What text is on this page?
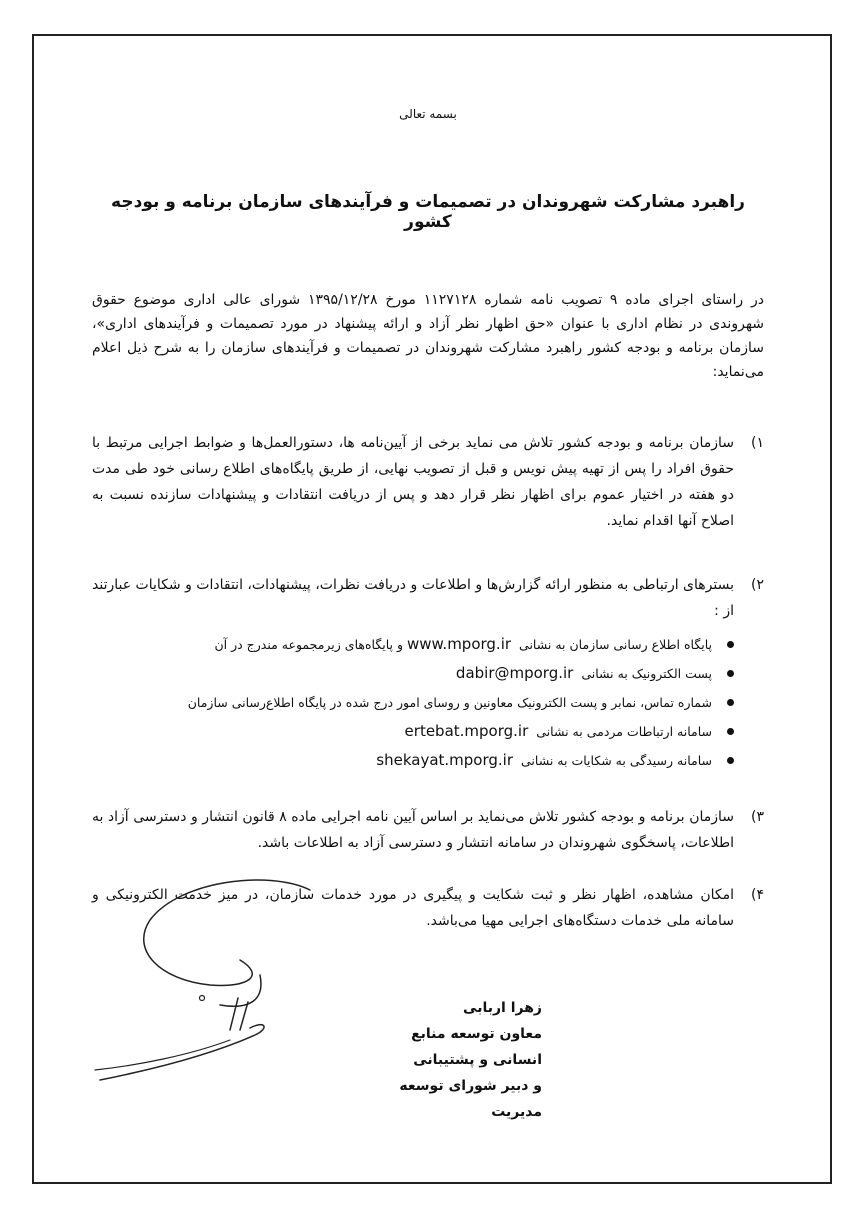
بسمه تعالی
راهبرد مشارکت شهروندان در تصمیمات و فرآیندهای سازمان برنامه و بودجه کشور
در راستای اجرای ماده ۹ تصویب نامه شماره ۱۱۲۷۱۲۸ مورخ ۱۳۹۵/۱۲/۲۸ شورای عالی اداری موضوع حقوق شهروندی در نظام اداری با عنوان «حق اظهار نظر آزاد و ارائه پیشنهاد در مورد تصمیمات و فرآیندهای اداری»، سازمان برنامه و بودجه کشور راهبرد مشارکت شهروندان در تصمیمات و فرآیندهای سازمان را به شرح ذیل اعلام می‌نماید:
۱)
سازمان برنامه و بودجه کشور تلاش می نماید برخی از آیین‌نامه ها، دستورالعمل‌ها و ضوابط اجرایی مرتبط با حقوق افراد را پس از تهیه پیش نویس و قبل از تصویب نهایی، از طریق پایگاه‌های اطلاع رسانی خود طی مدت دو هفته در اختیار عموم برای اظهار نظر قرار دهد و پس از دریافت انتقادات و پیشنهادات سازنده نسبت به اصلاح آنها اقدام نماید.
۲)
بسترهای ارتباطی به منظور ارائه گزارش‌ها و اطلاعات و دریافت نظرات، پیشنهادات، انتقادات و شکایات عبارتند از :
پایگاه اطلاع رسانی سازمان به نشانی www.mporg.ir و پایگاه‌های زیرمجموعه مندرج در آن
پست الکترونیک به نشانی dabir@mporg.ir
شماره تماس، نمابر و پست الکترونیک معاونین و روسای امور درج شده در پایگاه اطلاع‌رسانی سازمان
سامانه ارتباطات مردمی به نشانی ertebat.mporg.ir
سامانه رسیدگی به شکایات به نشانی shekayat.mporg.ir
۳)
سازمان برنامه و بودجه کشور تلاش می‌نماید بر اساس آیین نامه اجرایی ماده ۸ قانون انتشار و دسترسی آزاد به اطلاعات، پاسخگوی شهروندان در سامانه انتشار و دسترسی آزاد به اطلاعات باشد.
۴)
امکان مشاهده، اظهار نظر و ثبت شکایت و پیگیری در مورد خدمات سازمان، در میز خدمت الکترونیکی و سامانه ملی خدمات دستگاه‌های اجرایی مهیا می‌باشد.
زهرا اربابی
معاون توسعه منابع انسانی و پشتیبانی
و دبیر شورای توسعه مدیریت
